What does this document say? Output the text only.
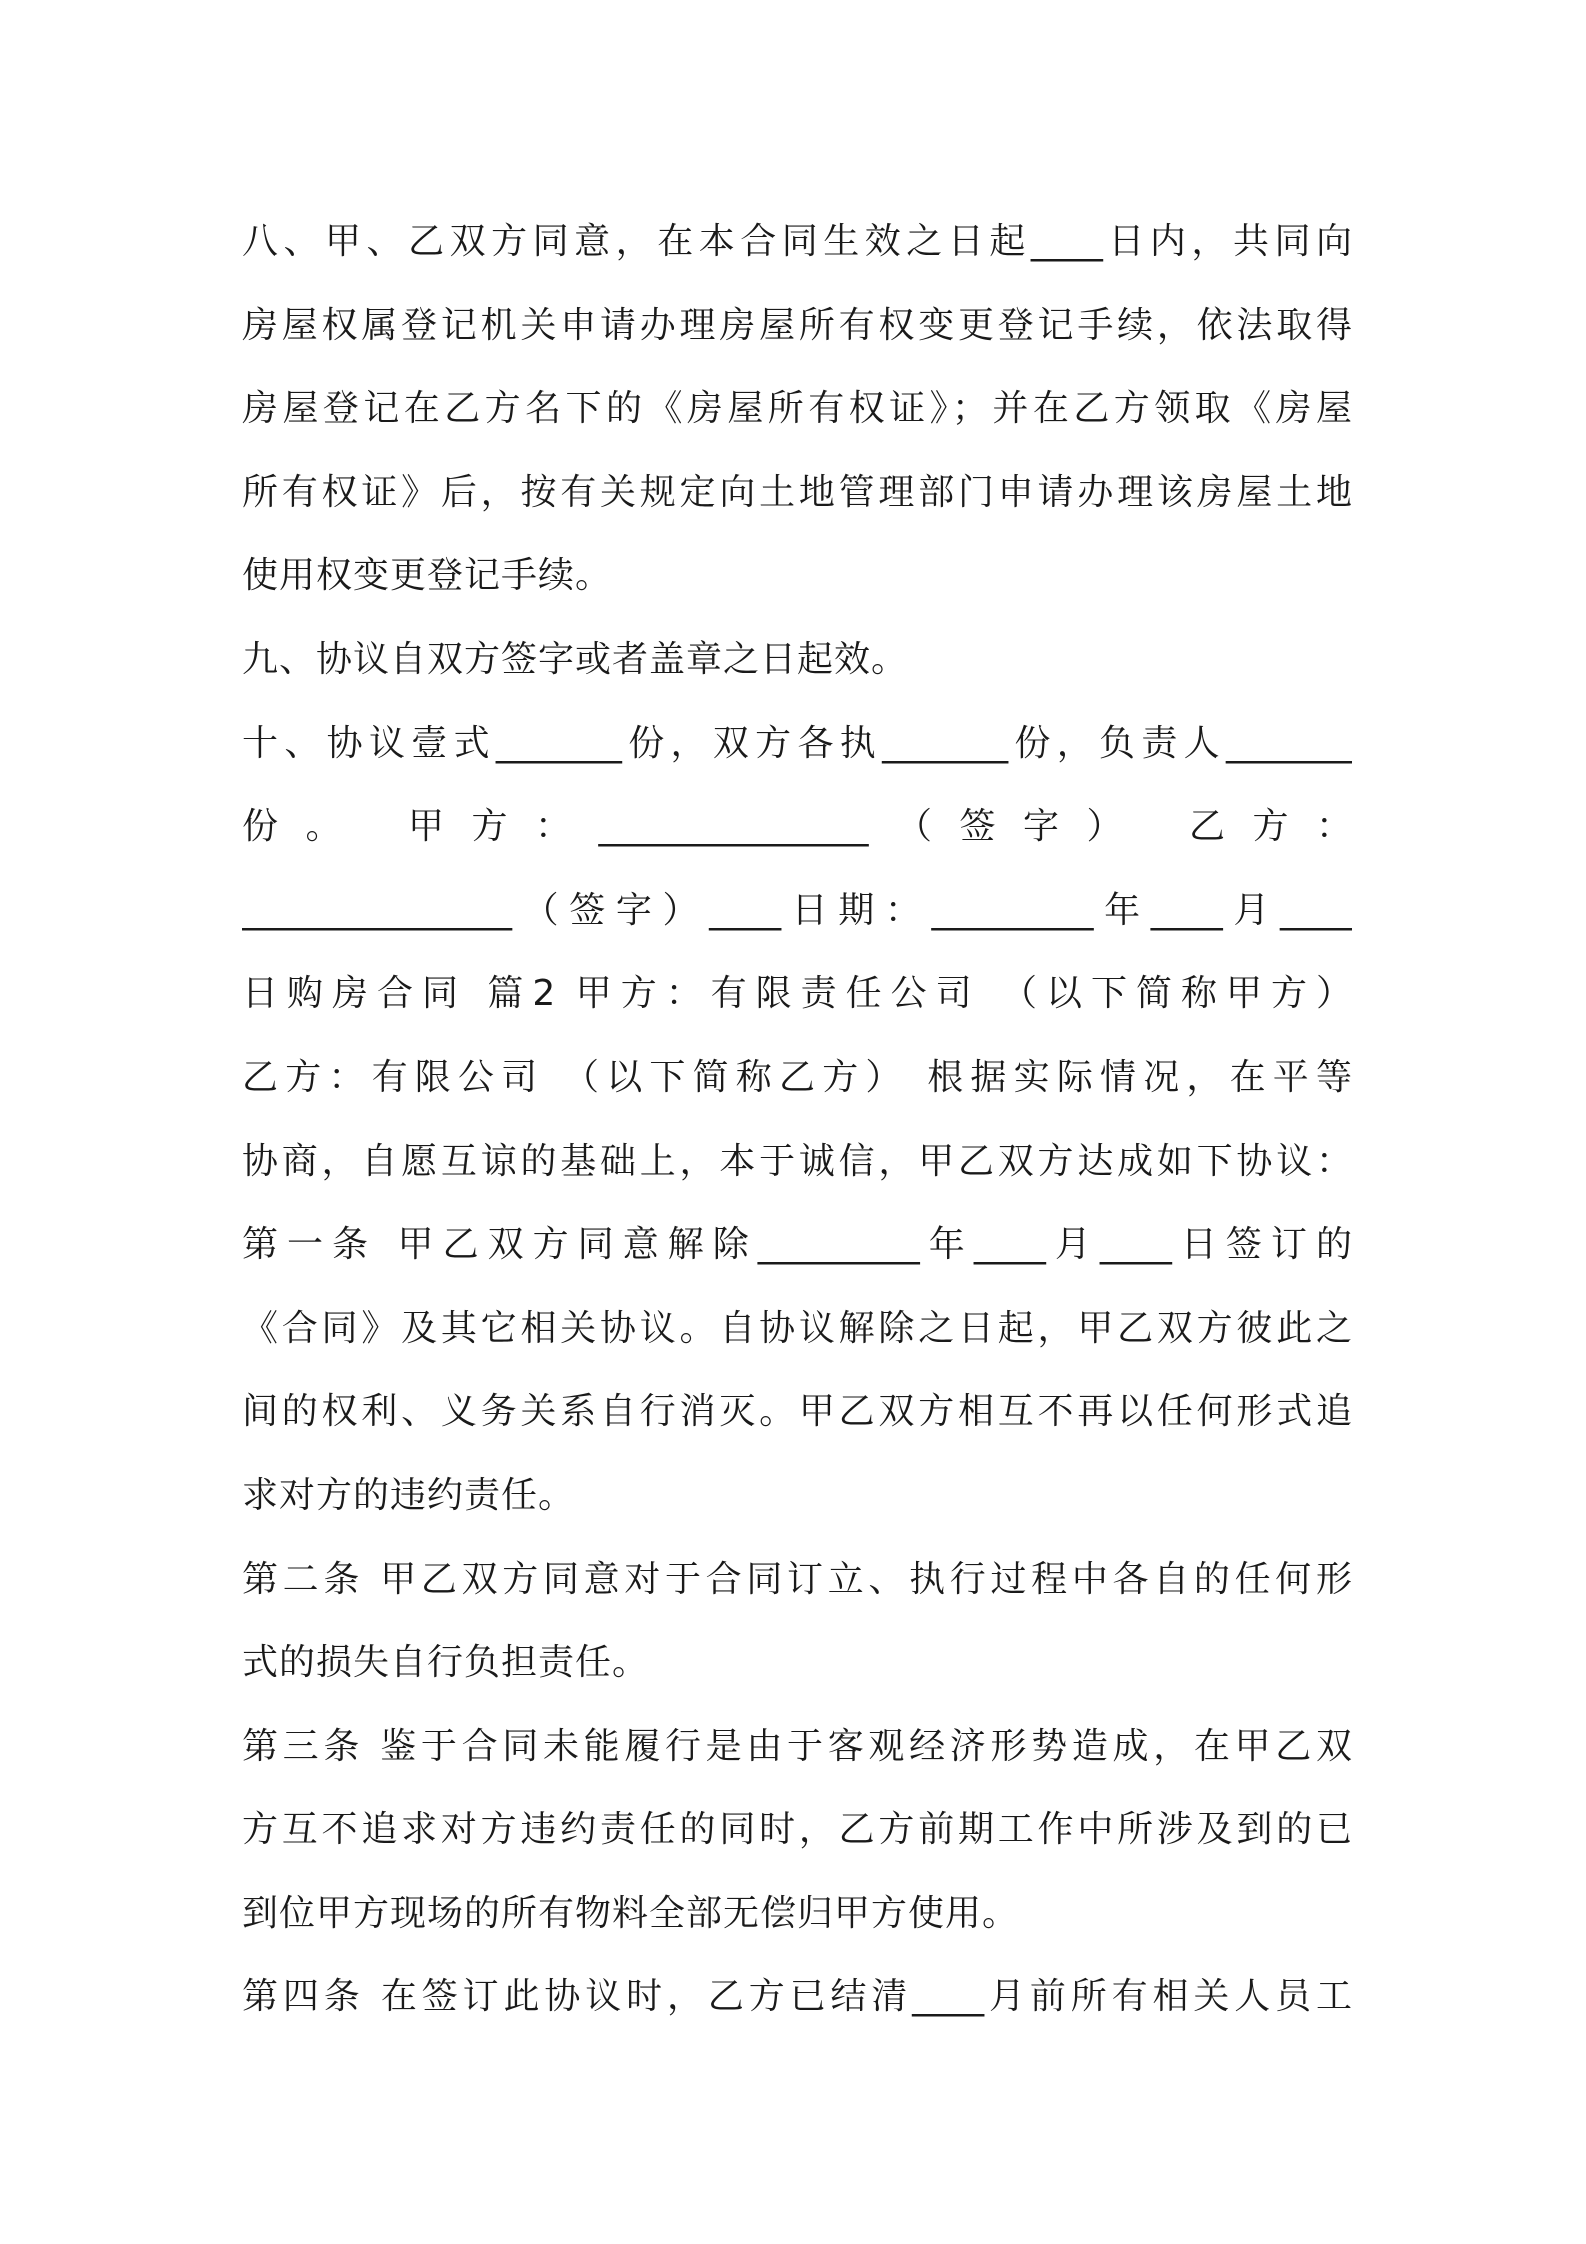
八、甲、乙双方同意，在本合同生效之日起____日内，共同向
房屋权属登记机关申请办理房屋所有权变更登记手续，依法取得
房屋登记在乙方名下的《房屋所有权证》；并在乙方领取《房屋
所有权证》后，按有关规定向土地管理部门申请办理该房屋土地
使用权变更登记手续。
九、协议自双方签字或者盖章之日起效。
十、协议壹式_______份，双方各执_______份，负责人_______
份。 甲方：_______________（签字） 乙方：
_______________（签字）____日期：_________年____月____
日购房合同 篇2 甲方：有限责任公司 （以下简称甲方）
乙方：有限公司 （以下简称乙方） 根据实际情况，在平等
协商，自愿互谅的基础上，本于诚信，甲乙双方达成如下协议：
第一条 甲乙双方同意解除_________年____月____日签订的
《合同》及其它相关协议。自协议解除之日起，甲乙双方彼此之
间的权利、义务关系自行消灭。甲乙双方相互不再以任何形式追
求对方的违约责任。
第二条 甲乙双方同意对于合同订立、执行过程中各自的任何形
式的损失自行负担责任。
第三条 鉴于合同未能履行是由于客观经济形势造成，在甲乙双
方互不追求对方违约责任的同时，乙方前期工作中所涉及到的已
到位甲方现场的所有物料全部无偿归甲方使用。
第四条 在签订此协议时，乙方已结清____月前所有相关人员工
